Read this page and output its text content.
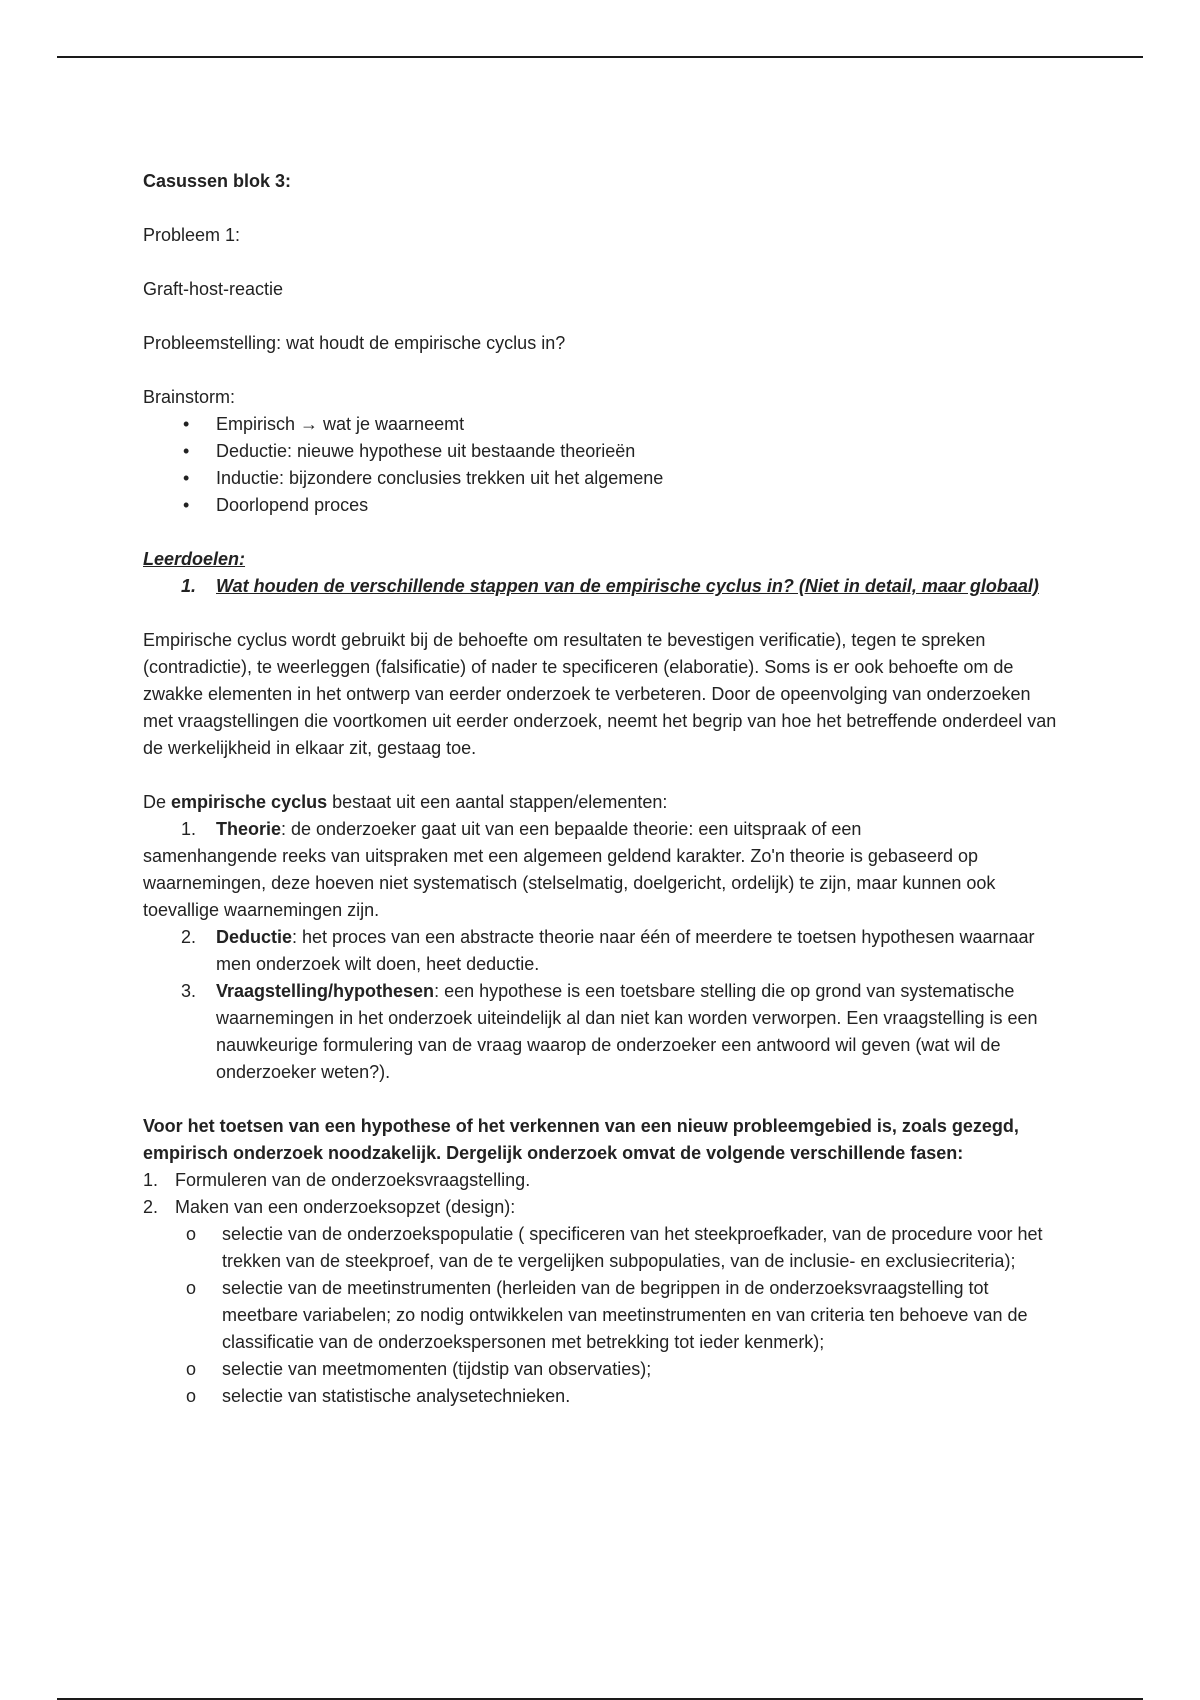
Casussen blok 3:

Probleem 1:

Graft-host-reactie

Probleemstelling: wat houdt de empirische cyclus in?

Brainstorm:

• Empirisch → wat je waarneemt
• Deductie: nieuwe hypothese uit bestaande theorieën
• Inductie: bijzondere conclusies trekken uit het algemene
• Doorlopend proces

Leerdoelen:

1. Wat houden de verschillende stappen van de empirische cyclus in? (Niet in detail, maar globaal)

Empirische cyclus wordt gebruikt bij de behoefte om resultaten te bevestigen verificatie), tegen te spreken (contradictie), te weerleggen (falsificatie) of nader te specificeren (elaboratie). Soms is er ook behoefte om de zwakke elementen in het ontwerp van eerder onderzoek te verbeteren. Door de opeenvolging van onderzoeken met vraagstellingen die voortkomen uit eerder onderzoek, neemt het begrip van hoe het betreffende onderdeel van de werkelijkheid in elkaar zit, gestaag toe.

De empirische cyclus bestaat uit een aantal stappen/elementen:

1.	Theorie: de onderzoeker gaat uit van een bepaalde theorie: een uitspraak of een
samenhangende reeks van uitspraken met een algemeen geldend karakter. Zo'n theorie is gebaseerd op waarnemingen, deze hoeven niet systematisch (stelselmatig, doelgericht, ordelijk) te zijn, maar kunnen ook toevallige waarnemingen zijn.
2. Deductie: het proces van een abstracte theorie naar één of meerdere te toetsen hypothesen waarnaar men onderzoek wilt doen, heet deductie.
3. Vraagstelling/hypothesen: een hypothese is een toetsbare stelling die op grond van systematische waarnemingen in het onderzoek uiteindelijk al dan niet kan worden verworpen. Een vraagstelling is een nauwkeurige formulering van de vraag waarop de onderzoeker een antwoord wil geven (wat wil de onderzoeker weten?).

Voor het toetsen van een hypothese of het verkennen van een nieuw probleemgebied is, zoals gezegd, empirisch onderzoek noodzakelijk. Dergelijk onderzoek omvat de volgende verschillende fasen:

1. Formuleren van de onderzoeksvraagstelling.
2. Maken van een onderzoeksopzet (design):
o selectie van de onderzoekspopulatie ( specificeren van het steekproefkader, van de procedure voor het trekken van de steekproef, van de te vergelijken subpopulaties, van de inclusie- en exclusiecriteria);
o selectie van de meetinstrumenten (herleiden van de begrippen in de onderzoeksvraagstelling tot meetbare variabelen; zo nodig ontwikkelen van meetinstrumenten en van criteria ten behoeve van de classificatie van de onderzoekspersonen met betrekking tot ieder kenmerk);
o selectie van meetmomenten (tijdstip van observaties);
o selectie van statistische analysetechnieken.
